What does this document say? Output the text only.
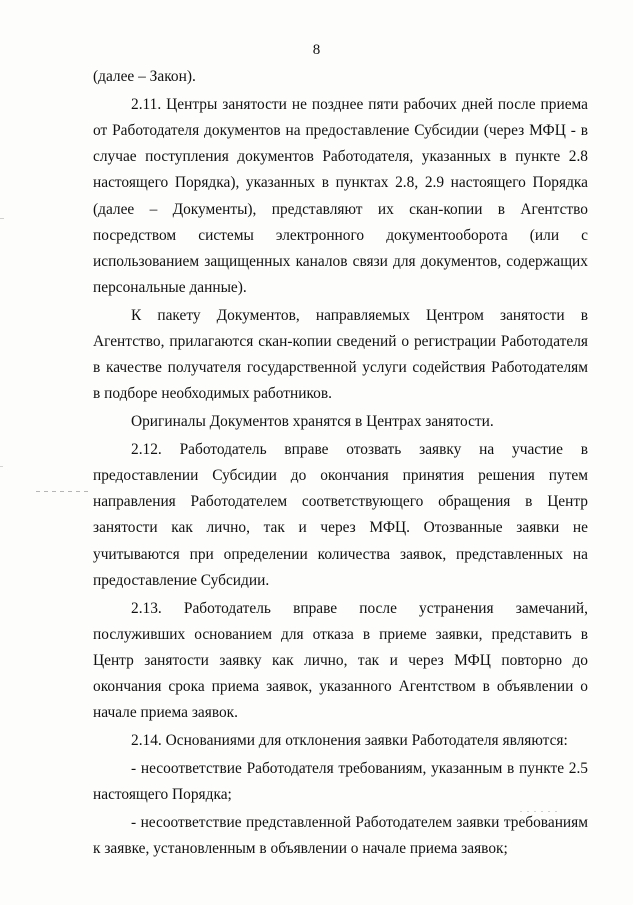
8

(далее – Закон).

2.11. Центры занятости не позднее пяти рабочих дней после приема от Работодателя документов на предоставление Субсидии (через МФЦ - в случае поступления документов Работодателя, указанных в пункте 2.8 настоящего Порядка), указанных в пунктах 2.8, 2.9 настоящего Порядка (далее – Документы), представляют их скан-копии в Агентство посредством системы электронного документооборота (или с использованием защищенных каналов связи для документов, содержащих персональные данные).

К пакету Документов, направляемых Центром занятости в Агентство, прилагаются скан-копии сведений о регистрации Работодателя в качестве получателя государственной услуги содействия Работодателям в подборе необходимых работников.

Оригиналы Документов хранятся в Центрах занятости.

2.12. Работодатель вправе отозвать заявку на участие в предоставлении Субсидии до окончания принятия решения путем направления Работодателем соответствующего обращения в Центр занятости как лично, так и через МФЦ. Отозванные заявки не учитываются при определении количества заявок, представленных на предоставление Субсидии.

2.13. Работодатель вправе после устранения замечаний, послуживших основанием для отказа в приеме заявки, представить в Центр занятости заявку как лично, так и через МФЦ повторно до окончания срока приема заявок, указанного Агентством в объявлении о начале приема заявок.

2.14. Основаниями для отклонения заявки Работодателя являются:

- несоответствие Работодателя требованиям, указанным в пункте 2.5 настоящего Порядка;

- несоответствие представленной Работодателем заявки требованиям к заявке, установленным в объявлении о начале приема заявок;
